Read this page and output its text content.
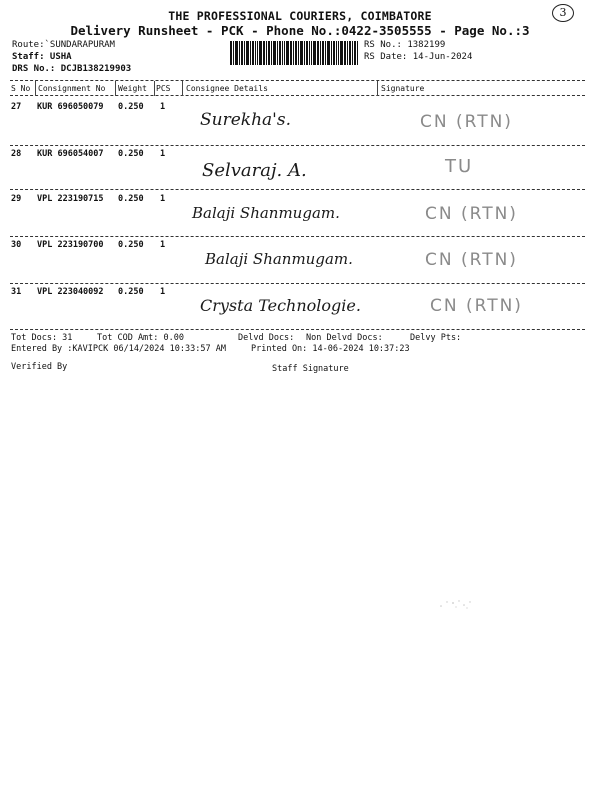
THE PROFESSIONAL COURIERS, COIMBATORE
Delivery Runsheet - PCK - Phone No.:0422-3505555 - Page No.:3
3
Route:`SUNDARAPURAM
Staff: USHA
DRS No.: DCJB138219903
RS No.: 1382199
RS Date: 14-Jun-2024
S No Consignment No Weight PCS Consignee Details	Signature
27 KUR 696050079 0.250 1
Surekha's.	CN (RTN)
28 KUR 696054007 0.250 1
Selvaraj. A.	TU
29 VPL 223190715 0.250 1
Balaji Shanmugam.	CN (RTN)
30 VPL 223190700 0.250 1
Balaji Shanmugam.	CN (RTN)
31 VPL 223040092 0.250 1
Crysta Technologie.	CN (RTN)
Tot Docs: 31	Tot COD Amt: 0.00	Delvd Docs: Non Delvd Docs:	Delvy Pts:
Entered By :KAVIPCK 06/14/2024 10:33:57 AM	Printed On: 14-06-2024 10:37:23
Verified By	Staff Signature
